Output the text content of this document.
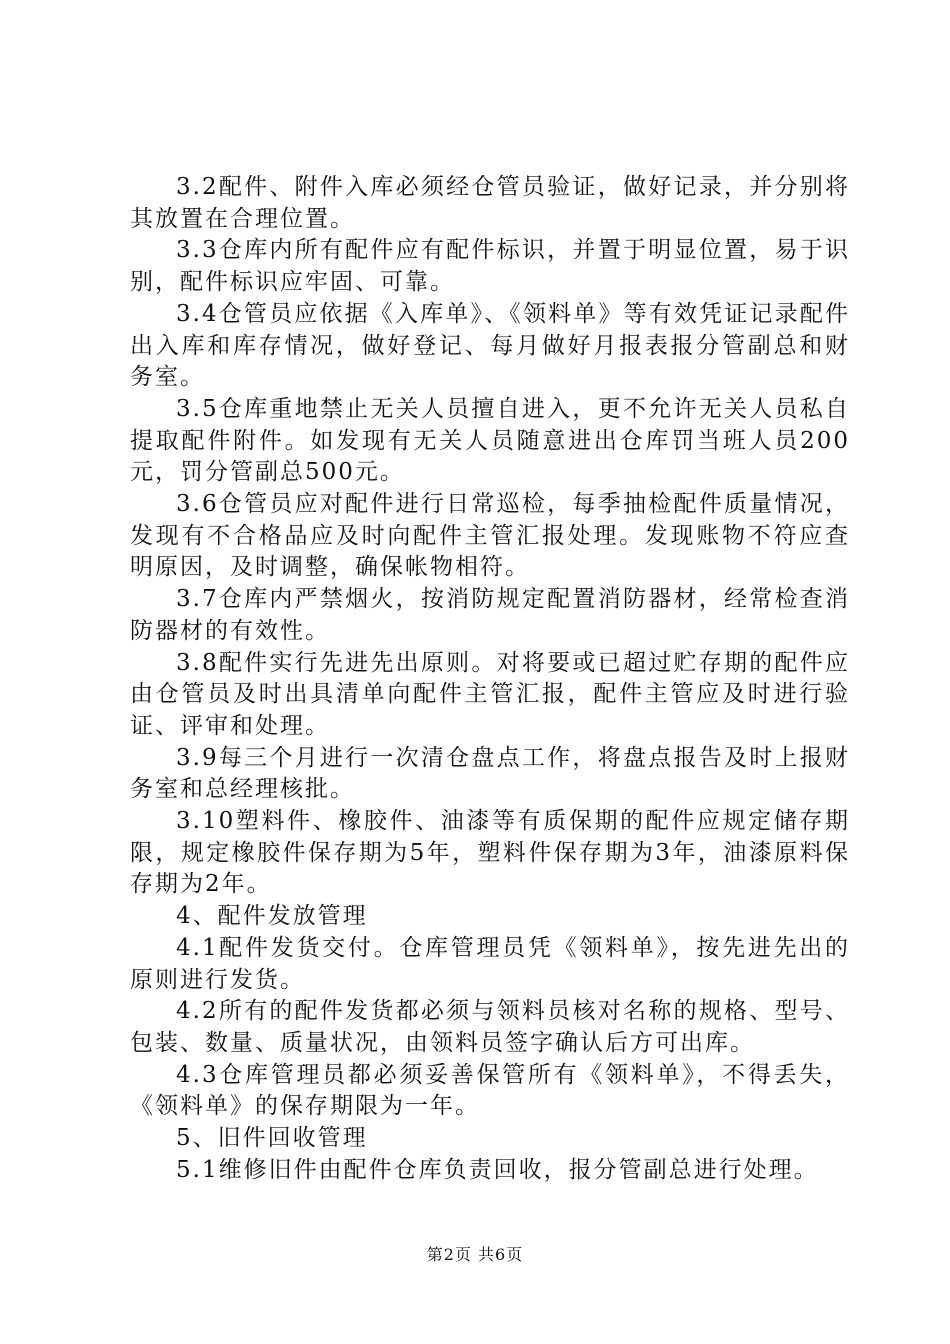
3.2配件、附件入库必须经仓管员验证，做好记录，并分别将其放置在合理位置。

3.3仓库内所有配件应有配件标识，并置于明显位置，易于识别，配件标识应牢固、可靠。

3.4仓管员应依据《入库单》、《领料单》等有效凭证记录配件出入库和库存情况，做好登记、每月做好月报表报分管副总和财务室。

3.5仓库重地禁止无关人员擅自进入，更不允许无关人员私自提取配件附件。如发现有无关人员随意进出仓库罚当班人员200元，罚分管副总500元。

3.6仓管员应对配件进行日常巡检，每季抽检配件质量情况，发现有不合格品应及时向配件主管汇报处理。发现账物不符应查明原因，及时调整，确保帐物相符。

3.7仓库内严禁烟火，按消防规定配置消防器材，经常检查消防器材的有效性。

3.8配件实行先进先出原则。对将要或已超过贮存期的配件应由仓管员及时出具清单向配件主管汇报，配件主管应及时进行验证、评审和处理。

3.9每三个月进行一次清仓盘点工作，将盘点报告及时上报财务室和总经理核批。

3.10塑料件、橡胶件、油漆等有质保期的配件应规定储存期限，规定橡胶件保存期为5年，塑料件保存期为3年，油漆原料保存期为2年。

4、配件发放管理

4.1配件发货交付。仓库管理员凭《领料单》，按先进先出的原则进行发货。

4.2所有的配件发货都必须与领料员核对名称的规格、型号、包装、数量、质量状况，由领料员签字确认后方可出库。

4.3仓库管理员都必须妥善保管所有《领料单》，不得丢失，《领料单》的保存期限为一年。

5、旧件回收管理

5.1维修旧件由配件仓库负责回收，报分管副总进行处理。

第2页 共6页
